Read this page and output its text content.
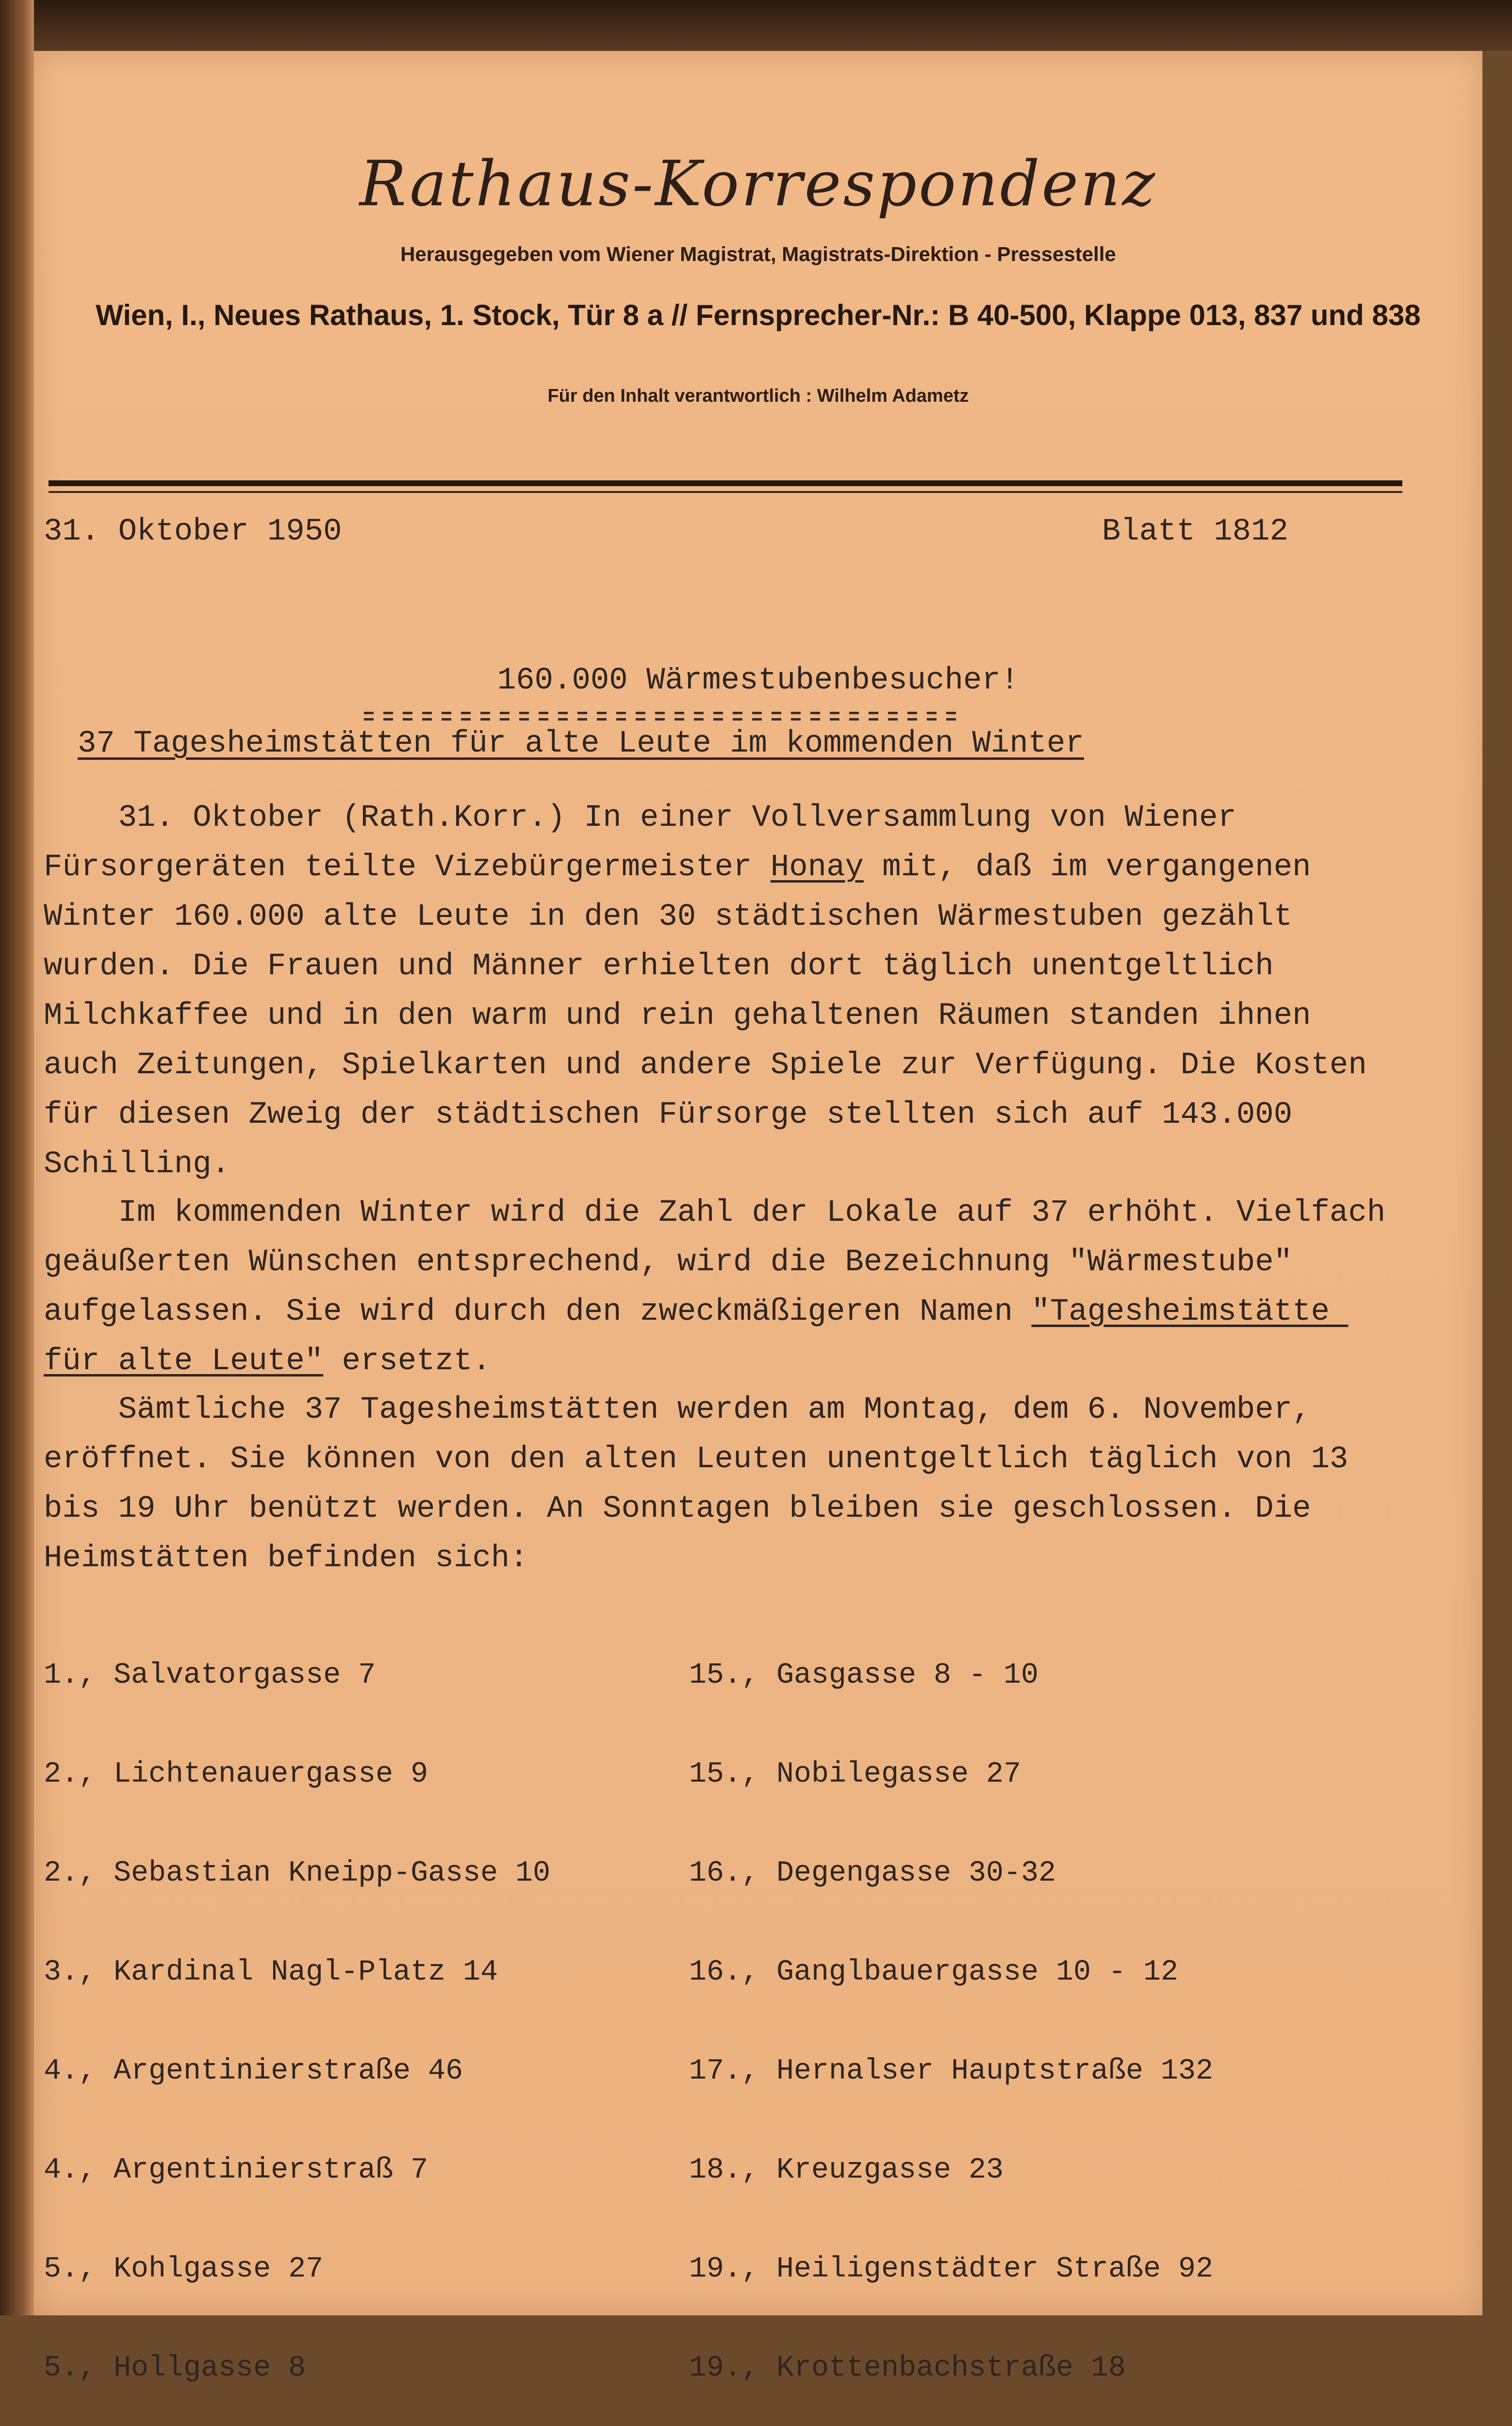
Rathaus-Korrespondenz
Herausgegeben vom Wiener Magistrat, Magistrats-Direktion - Pressestelle
Wien, I., Neues Rathaus, 1. Stock, Tür 8 a // Fernsprecher-Nr.: B 40-500, Klappe 013, 837 und 838
Für den Inhalt verantwortlich : Wilhelm Adametz
31. Oktober 1950	Blatt 1812
160.000 Wärmestubenbesucher!
37 Tagesheimstätten für alte Leute im kommenden Winter
31. Oktober (Rath.Korr.) In einer Vollversammlung von Wiener Fürsorgeräten teilte Vizebürgermeister Honay mit, daß im vergangenen Winter 160.000 alte Leute in den 30 städtischen Wärmestuben gezählt wurden. Die Frauen und Männer erhielten dort täglich unentgeltlich Milchkaffee und in den warm und rein gehaltenen Räumen standen ihnen auch Zeitungen, Spielkarten und andere Spiele zur Verfügung. Die Kosten für diesen Zweig der städtischen Fürsorge stellten sich auf 143.000 Schilling.
Im kommenden Winter wird die Zahl der Lokale auf 37 erhöht. Vielfach geäußerten Wünschen entsprechend, wird die Bezeichnung "Wärmestube" aufgelassen. Sie wird durch den zweckmäßigeren Namen "Tagesheimstätte für alte Leute" ersetzt.
Sämtliche 37 Tagesheimstätten werden am Montag, dem 6. November, eröffnet. Sie können von den alten Leuten unentgeltlich täglich von 13 bis 19 Uhr benützt werden. An Sonntagen bleiben sie geschlossen. Die Heimstätten befinden sich:

1., Salvatorgasse 7

2., Lichtenauergasse 9

2., Sebastian Kneipp-Gasse 10

3., Kardinal Nagl-Platz 14

4., Argentinierstraße 46

4., Argentinierstraß 7

5., Kohlgasse 27

5., Hollgasse 8

15., Gasgasse 8 - 10

15., Nobilegasse 27

16., Degengasse 30-32

16., Ganglbauergasse 10 - 12

17., Hernalser Hauptstraße 132

18., Kreuzgasse 23

19., Heiligenstädter Straße 92

19., Krottenbachstraße 18
